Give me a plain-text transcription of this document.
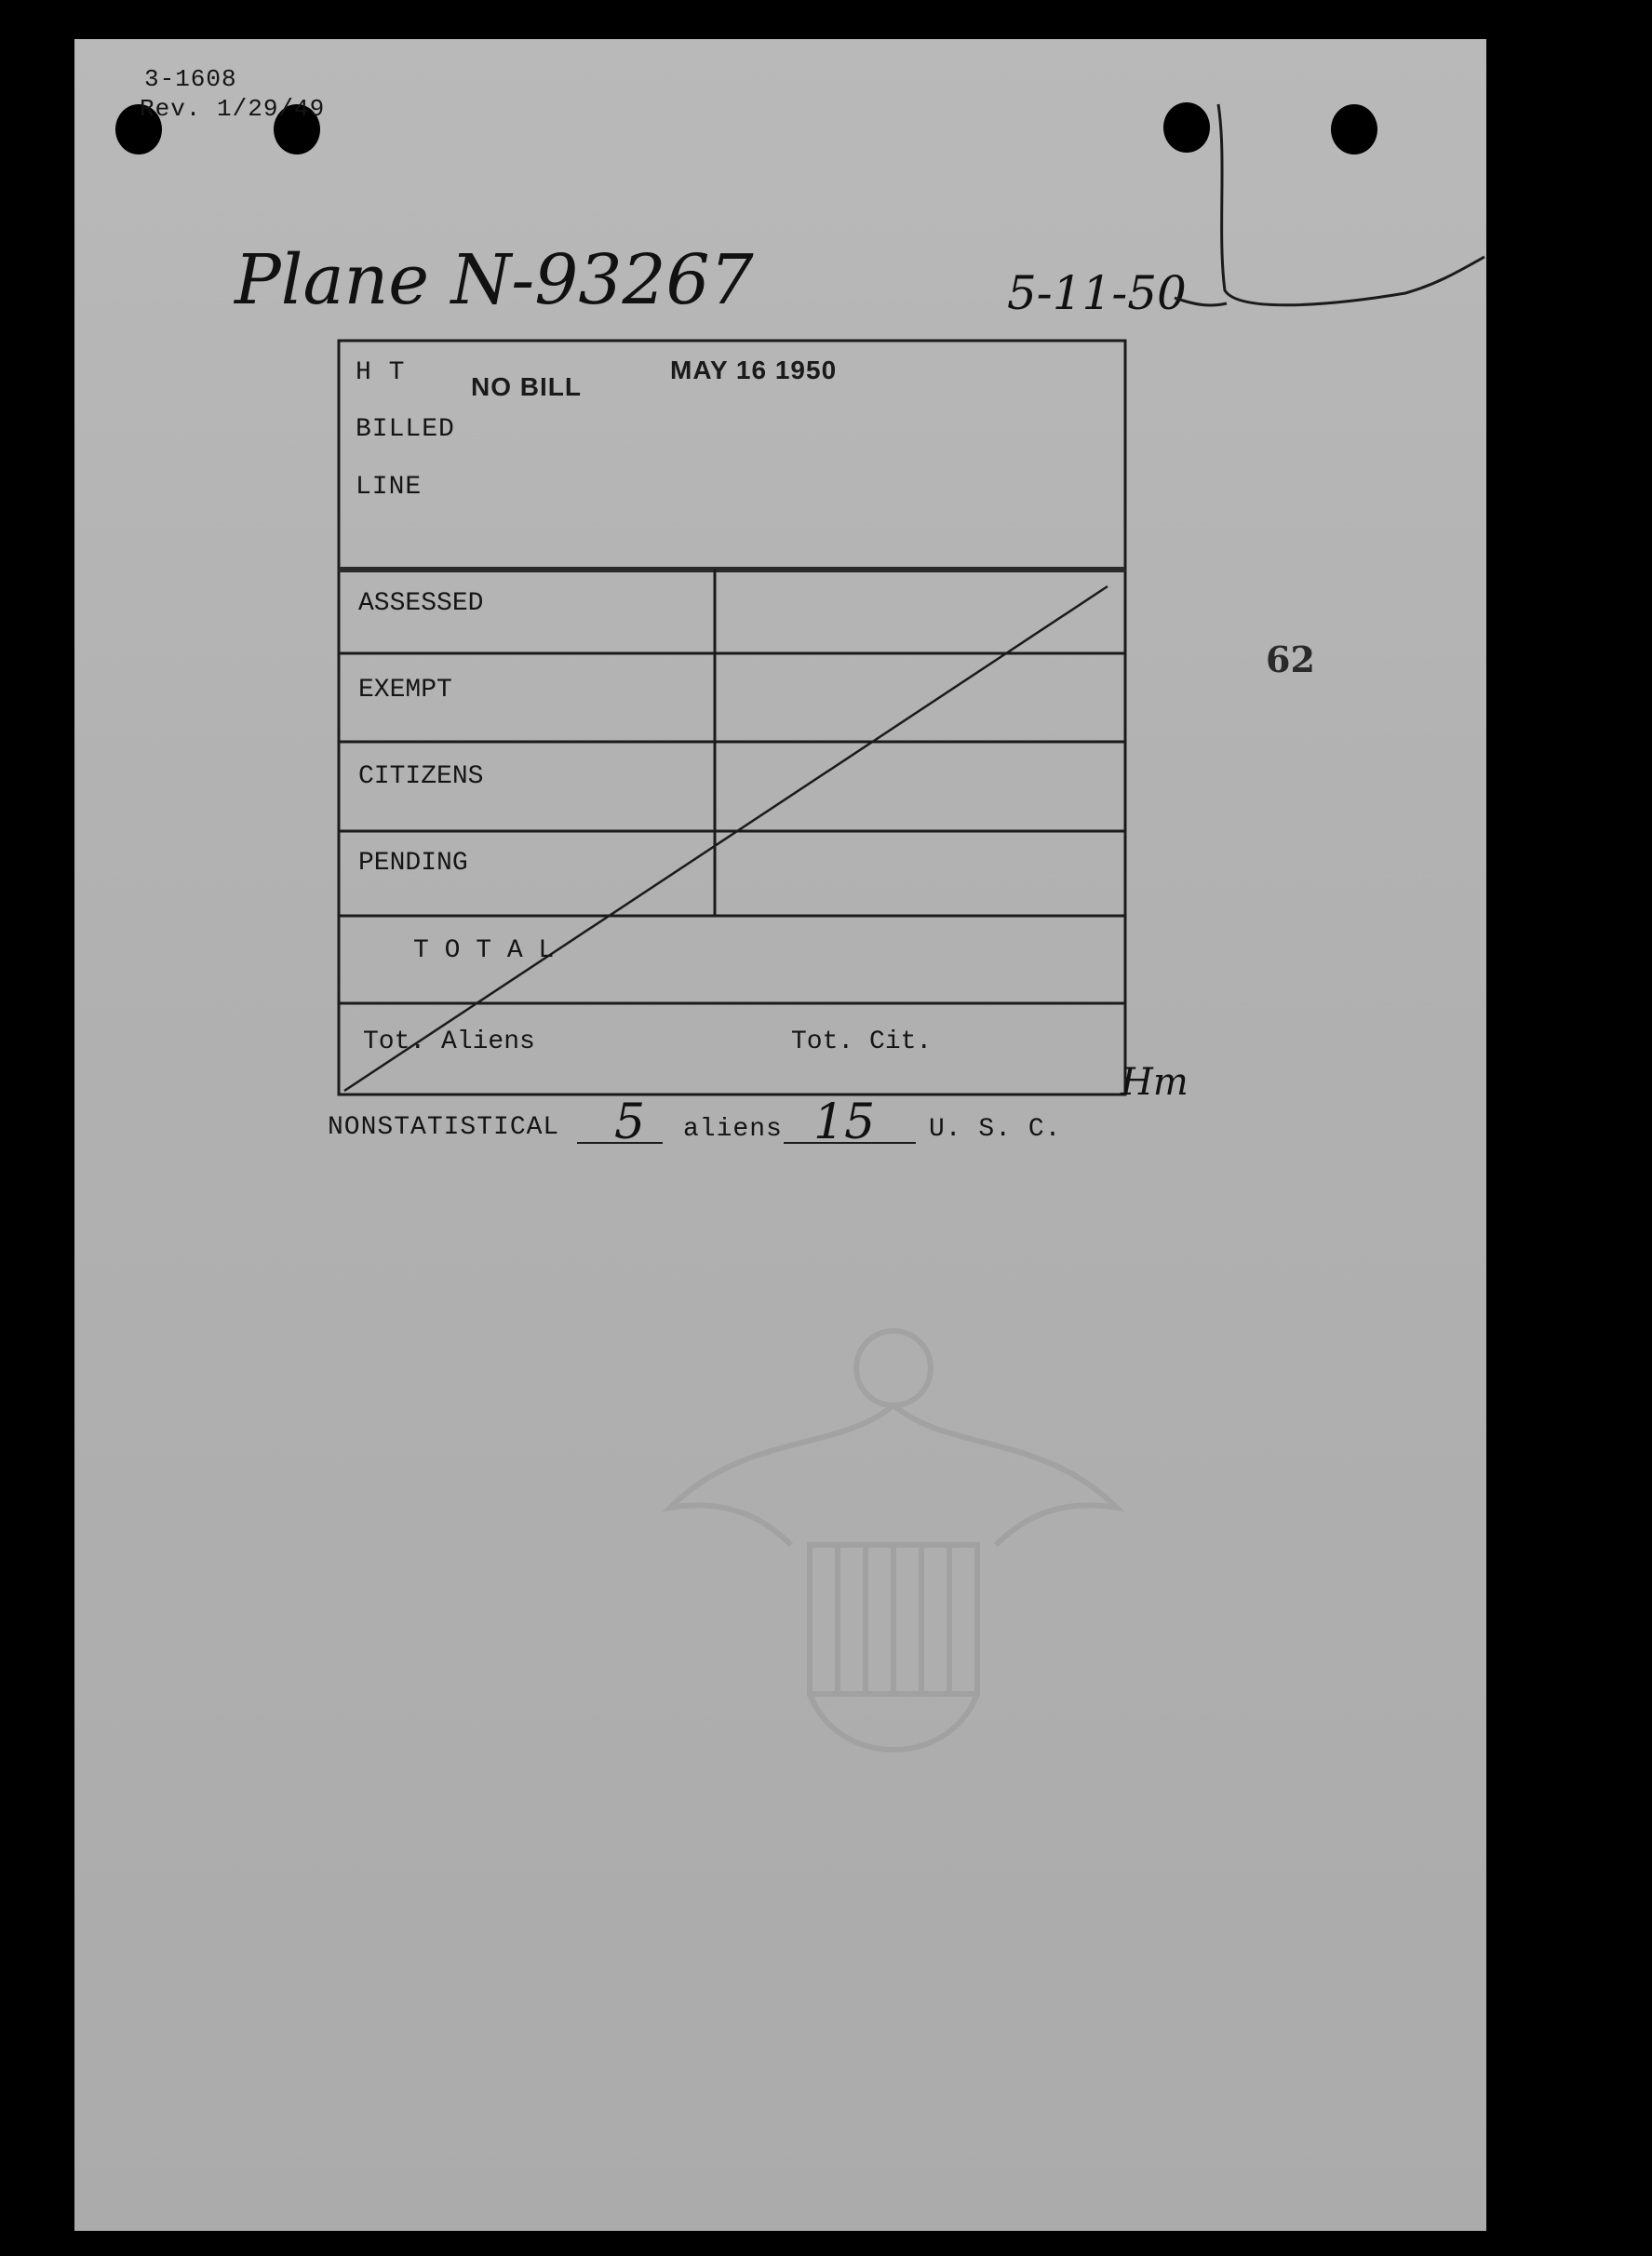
3-1608
Rev. 1/29/49
Plane N-93267	5-11-50
H T	NO BILL
MAY 16 1950
BILLED
LINE
ASSESSED
EXEMPT
CITIZENS
PENDING
T O T A L
Tot. Aliens	Tot. Cit.
Hm
62
NONSTATISTICAL 5 aliens 15 U. S. C.
